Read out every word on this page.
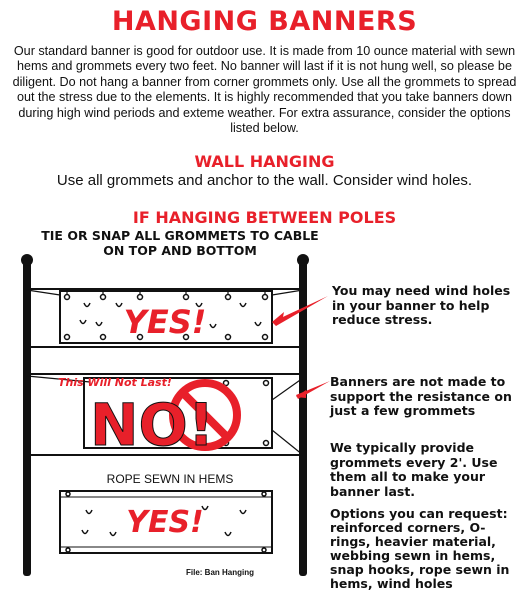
HANGING BANNERS
Our standard banner is good for outdoor use. It is made from 10 ounce material with sewn hems and grommets every two feet. No banner will last if it is not hung well, so please be diligent. Do not hang a banner from corner grommets only. Use all the grommets to spread out the stress due to the elements. It is highly recommended that you take banners down during high wind periods and exteme weather. For extra assurance, consider the options listed below.
WALL HANGING
Use all grommets and anchor to the wall. Consider wind holes.
IF HANGING BETWEEN POLES
TIE OR SNAP ALL GROMMETS TO CABLE
ON TOP AND BOTTOM
YES!
This Will Not Last!
NO!
YES!
You may need wind holes in your banner to help reduce stress.
Banners are not made to support the resistance on just a few grommets
We typically provide grommets every 2'. Use them all to make your banner last.
Options you can request: reinforced corners, O-rings, heavier material, webbing sewn in hems, snap hooks, rope sewn in hems, wind holes
ROPE SEWN IN HEMS
File: Ban Hanging
